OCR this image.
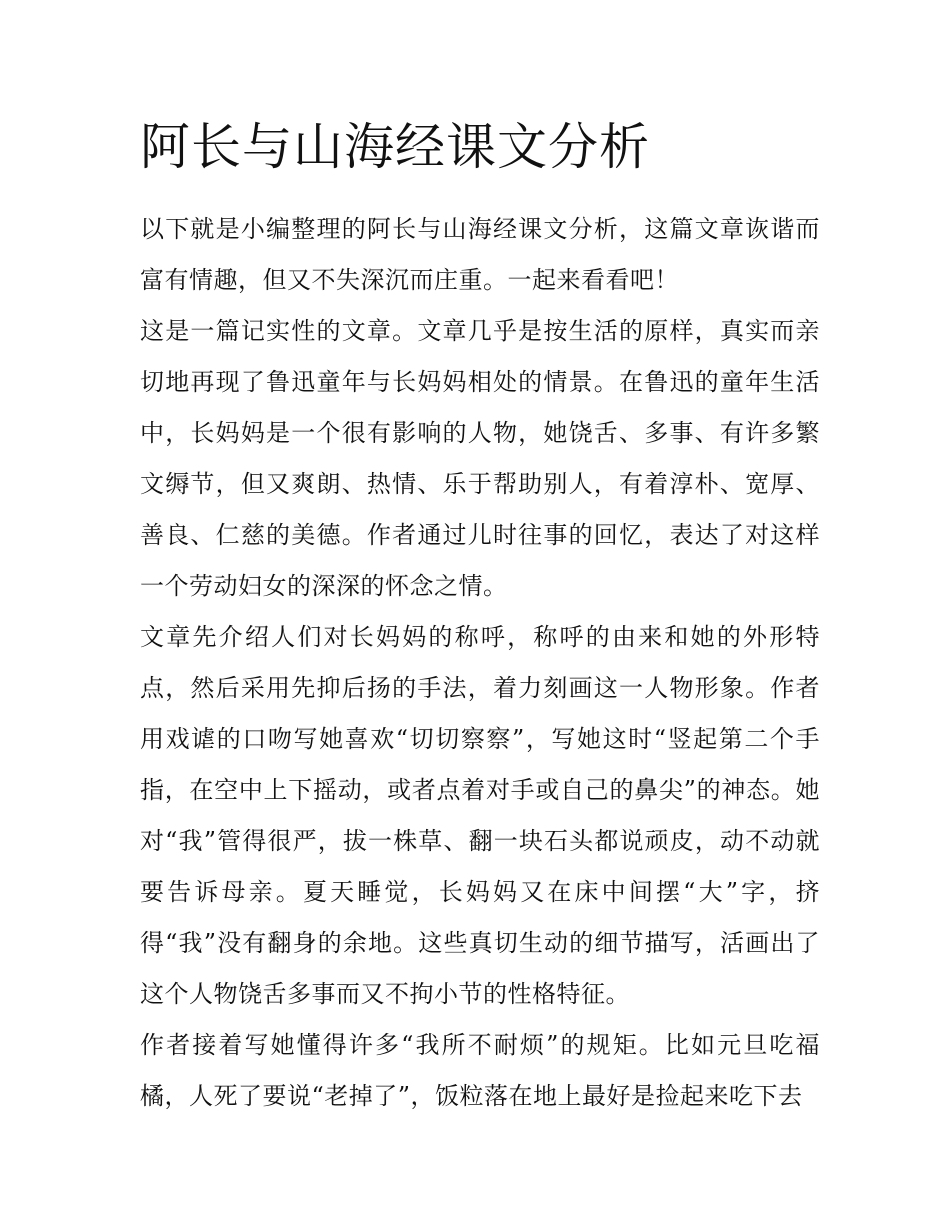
阿长与山海经课文分析

以下就是小编整理的阿长与山海经课文分析，这篇文章诙谐而富有情趣，但又不失深沉而庄重。一起来看看吧！

这是一篇记实性的文章。文章几乎是按生活的原样，真实而亲切地再现了鲁迅童年与长妈妈相处的情景。在鲁迅的童年生活中，长妈妈是一个很有影响的人物，她饶舌、多事、有许多繁文缛节，但又爽朗、热情、乐于帮助别人，有着淳朴、宽厚、善良、仁慈的美德。作者通过儿时往事的回忆，表达了对这样一个劳动妇女的深深的怀念之情。

文章先介绍人们对长妈妈的称呼，称呼的由来和她的外形特点，然后采用先抑后扬的手法，着力刻画这一人物形象。作者用戏谑的口吻写她喜欢“切切察察”，写她这时“竖起第二个手指，在空中上下摇动，或者点着对手或自己的鼻尖”的神态。她对“我”管得很严，拔一株草、翻一块石头都说顽皮，动不动就要告诉母亲。夏天睡觉，长妈妈又在床中间摆“大”字，挤得“我”没有翻身的余地。这些真切生动的细节描写，活画出了这个人物饶舌多事而又不拘小节的性格特征。

作者接着写她懂得许多“我所不耐烦”的规矩。比如元旦吃福橘，人死了要说“老掉了”，饭粒落在地上最好是捡起来吃下去
